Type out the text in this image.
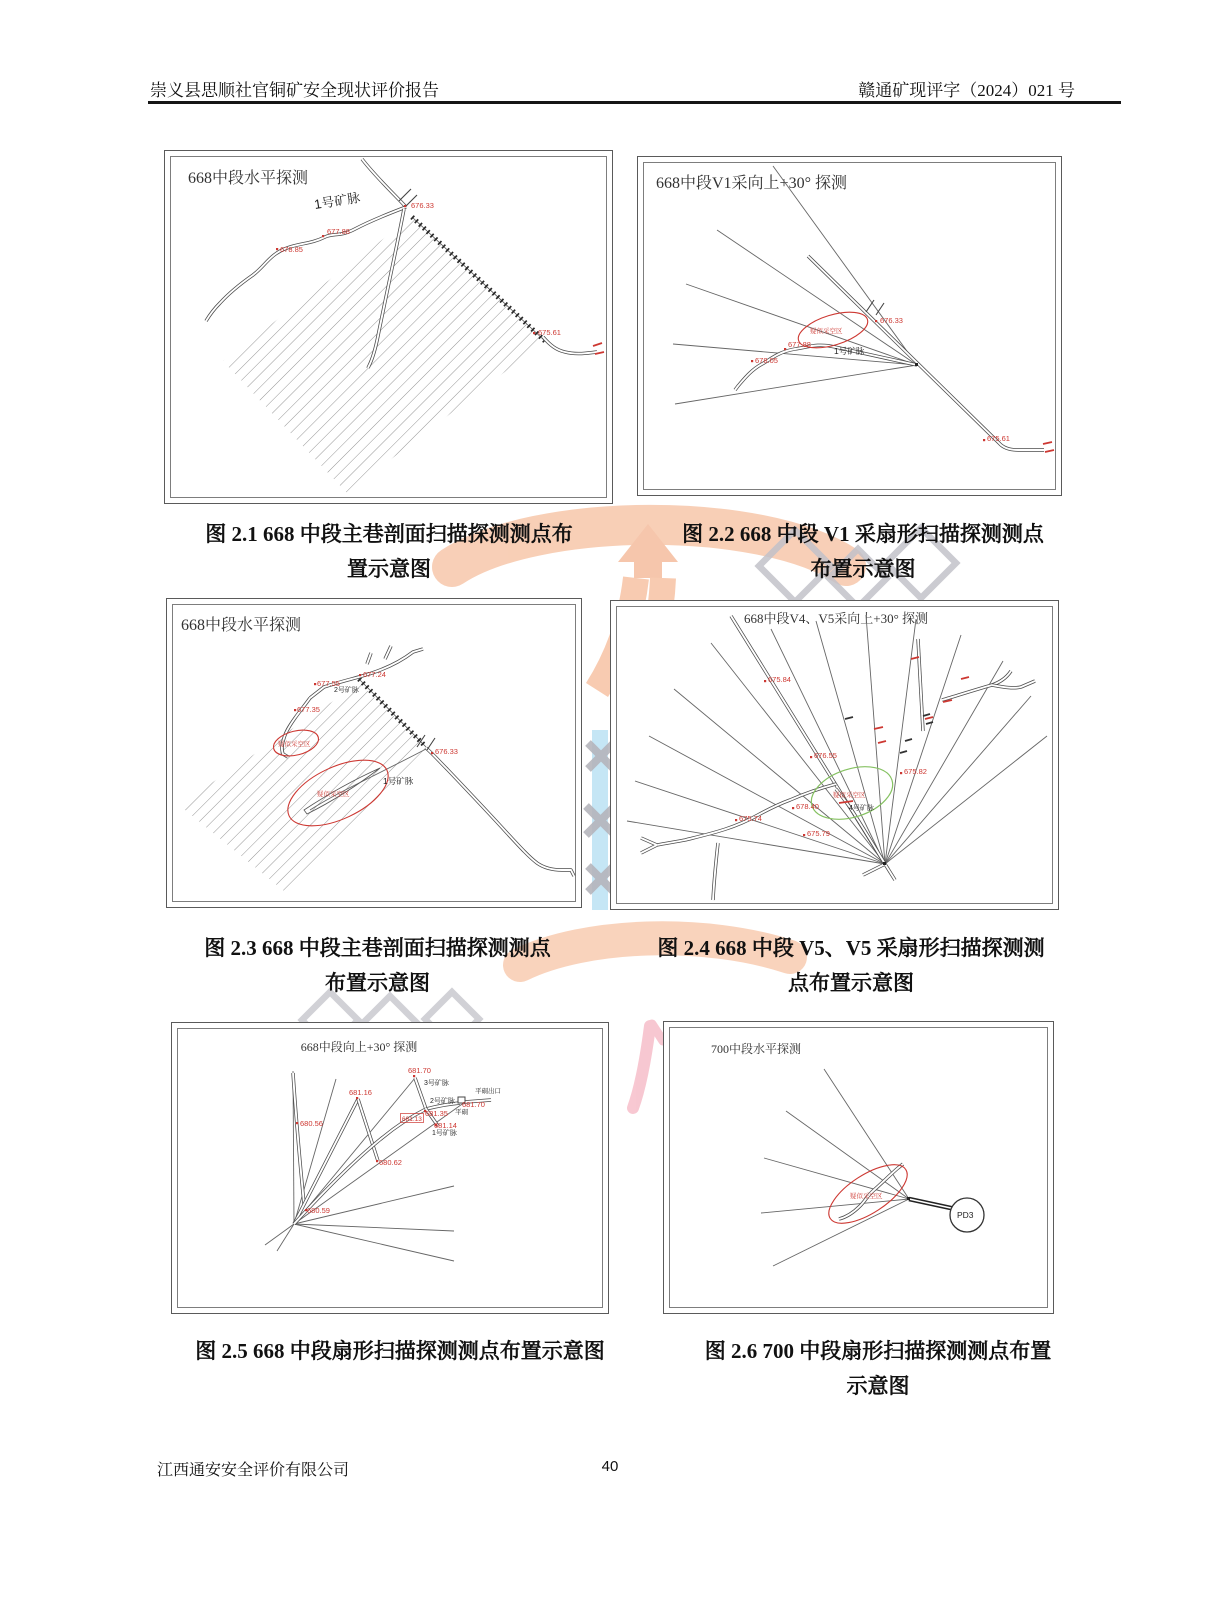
崇义县思顺社官铜矿安全现状评价报告	赣通矿现评字（2024）021 号
668中段水平探测
676.33
677.88
678.85
675.61
1号矿脉
668中段V1采向上+30° 探测
疑似采空区
676.33
677.88
678.05
675.61
1号矿脉
图 2.1 668 中段主巷剖面扫描探测测点布
置示意图
图 2.2 668 中段 V1 采扇形扫描探测测点
布置示意图
668中段水平探测
疑似采空区
疑似采空区
677.24
677.55
677.35
676.33
2号矿脉
1号矿脉
668中段V4、V5采向上+30° 探测
疑似采空区
4号矿脉
675.84
676.55
675.82
675.74
675.79
678.40
图 2.3 668 中段主巷剖面扫描探测测点
布置示意图
图 2.4 668 中段 V5、V5 采扇形扫描探测测
点布置示意图
668中段向上+30° 探测
680.56
681.16
680.62
681.70
681.35
681.13
681.14
681.70
680.59
3号矿脉
2号矿脉
1号矿脉
平硐出口
平硐
700中段水平探测
疑似采空区
PD3
图 2.5 668 中段扇形扫描探测测点布置示意图	图 2.6 700 中段扇形扫描探测测点布置
示意图
江西通安安全评价有限公司	40
